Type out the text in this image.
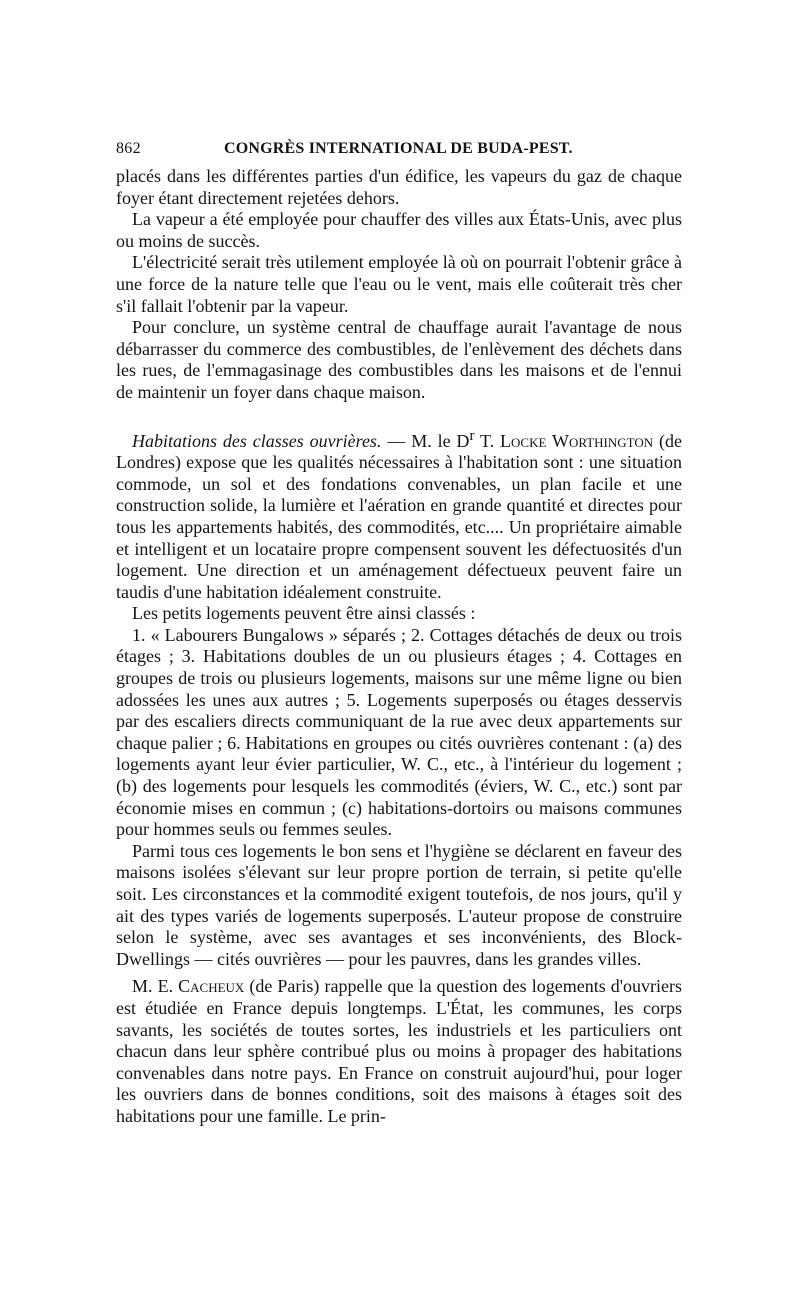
862	CONGRÈS INTERNATIONAL DE BUDA-PEST.

placés dans les différentes parties d'un édifice, les vapeurs du gaz de chaque foyer étant directement rejetées dehors.

La vapeur a été employée pour chauffer des villes aux États-Unis, avec plus ou moins de succès.

L'électricité serait très utilement employée là où on pourrait l'obtenir grâce à une force de la nature telle que l'eau ou le vent, mais elle coûterait très cher s'il fallait l'obtenir par la vapeur.

Pour conclure, un système central de chauffage aurait l'avantage de nous débarrasser du commerce des combustibles, de l'enlèvement des déchets dans les rues, de l'emmagasinage des combustibles dans les maisons et de l'ennui de maintenir un foyer dans chaque maison.

Habitations des classes ouvrières. — M. le $D^r$ T. Locke Worthington (de Londres) expose que les qualités nécessaires à l'habitation sont : une situation commode, un sol et des fondations convenables, un plan facile et une construction solide, la lumière et l'aération en grande quantité et directes pour tous les appartements habités, des commodités, etc.... Un propriétaire aimable et intelligent et un locataire propre compensent souvent les défectuosités d'un logement. Une direction et un aménagement défectueux peuvent faire un taudis d'une habitation idéalement construite.

Les petits logements peuvent être ainsi classés :

1. « Labourers Bungalows » séparés ; 2. Cottages détachés de deux ou trois étages ; 3. Habitations doubles de un ou plusieurs étages ; 4. Cottages en groupes de trois ou plusieurs logements, maisons sur une même ligne ou bien adossées les unes aux autres ; 5. Logements superposés ou étages desservis par des escaliers directs communiquant de la rue avec deux appartements sur chaque palier ; 6. Habitations en groupes ou cités ouvrières contenant : (a) des logements ayant leur évier particulier, W. C., etc., à l'intérieur du logement ; (b) des logements pour lesquels les commodités (éviers, W. C., etc.) sont par économie mises en commun ; (c) habitations-dortoirs ou maisons communes pour hommes seuls ou femmes seules.

Parmi tous ces logements le bon sens et l'hygiène se déclarent en faveur des maisons isolées s'élevant sur leur propre portion de terrain, si petite qu'elle soit. Les circonstances et la commodité exigent toutefois, de nos jours, qu'il y ait des types variés de logements superposés. L'auteur propose de construire selon le système, avec ses avantages et ses inconvénients, des Block-Dwellings — cités ouvrières — pour les pauvres, dans les grandes villes.

M. E. Cacheux (de Paris) rappelle que la question des logements d'ouvriers est étudiée en France depuis longtemps. L'État, les communes, les corps savants, les sociétés de toutes sortes, les industriels et les particuliers ont chacun dans leur sphère contribué plus ou moins à propager des habitations convenables dans notre pays. En France on construit aujourd'hui, pour loger les ouvriers dans de bonnes conditions, soit des maisons à étages soit des habitations pour une famille. Le prin-
